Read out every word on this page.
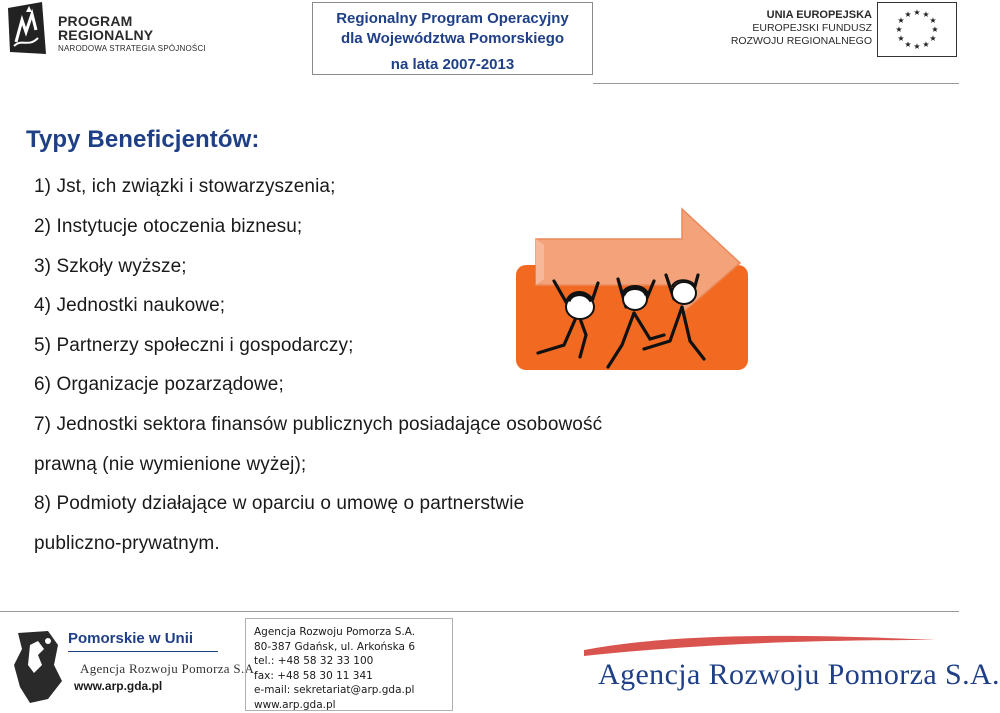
PROGRAM
REGIONALNY
NARODOWA STRATEGIA SPÓJNOŚCI
Regionalny Program Operacyjny
dla Województwa Pomorskiego
na lata 2007-2013
UNIA EUROPEJSKA
EUROPEJSKI FUNDUSZ
ROZWOJU REGIONALNEGO
★ ★
★
★
★
★
★
★
★
★
★
★
Typy Beneficjentów:
1) Jst, ich związki i stowarzyszenia;
2) Instytucje otoczenia biznesu;
3) Szkoły wyższe;
4) Jednostki naukowe;
5) Partnerzy społeczni i gospodarczy;
6) Organizacje pozarządowe;
7) Jednostki sektora finansów publicznych posiadające osobowość
prawną (nie wymienione wyżej);
8) Podmioty działające w oparciu o umowę o partnerstwie
publiczno-prywatnym.
Pomorskie w Unii
Agencja Rozwoju Pomorza S.A.
www.arp.gda.pl
Agencja Rozwoju Pomorza S.A.
80-387 Gdańsk, ul. Arkońska 6
tel.: +48 58 32 33 100
fax: +48 58 30 11 341
e-mail: sekretariat@arp.gda.pl
www.arp.gda.pl
Agencja Rozwoju Pomorza S.A.
